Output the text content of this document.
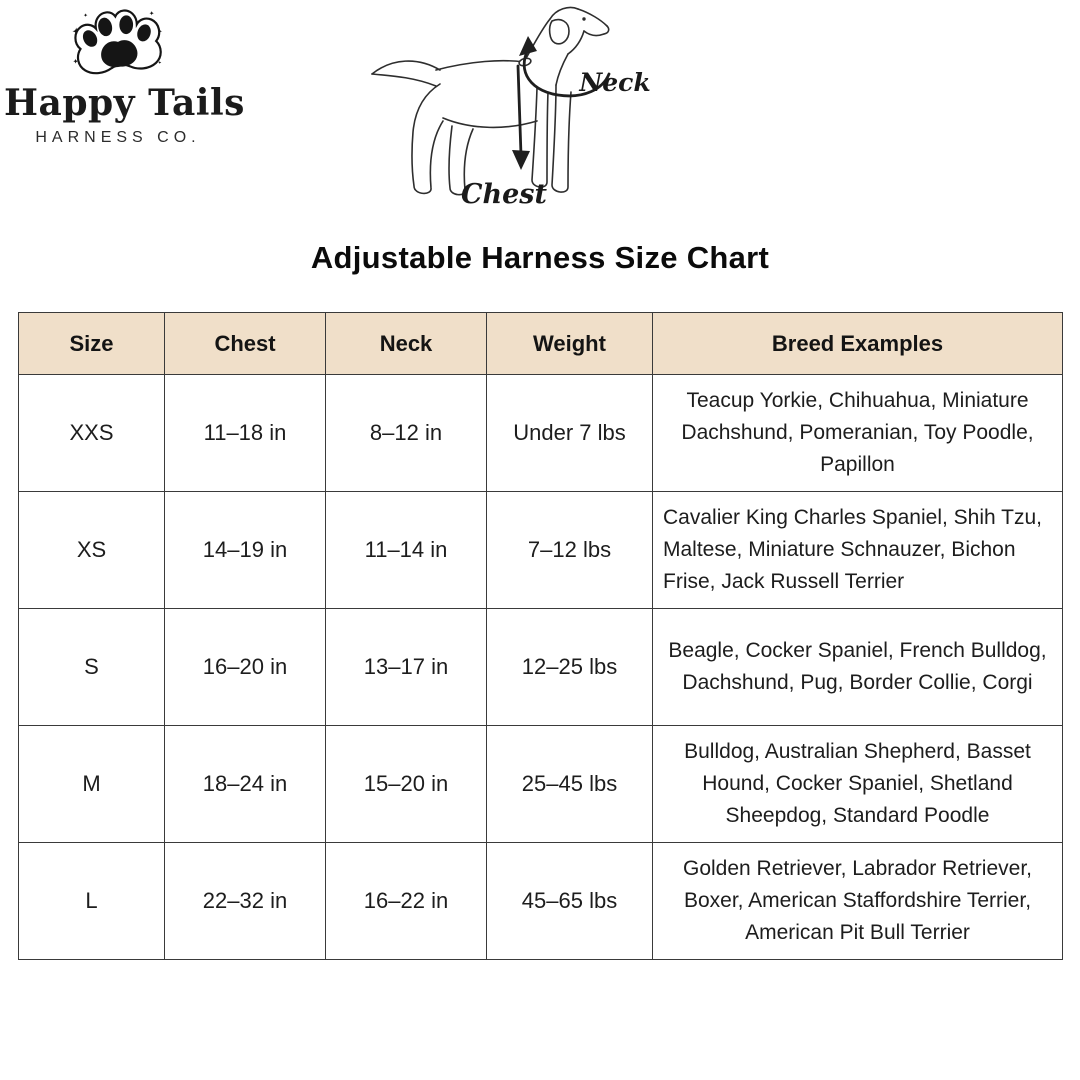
Happy Tails
HARNESS CO.
Neck
Chest
Adjustable Harness Size Chart
Size	Chest	Neck	Weight	Breed Examples
XXS	11–18 in	8–12 in	Under 7 lbs	Teacup Yorkie, Chihuahua, Miniature Dachshund, Pomeranian, Toy Poodle, Papillon
XS	14–19 in	11–14 in	7–12 lbs	Cavalier King Charles Spaniel, Shih Tzu, Maltese, Miniature Schnauzer, Bichon Frise, Jack Russell Terrier
S	16–20 in	13–17 in	12–25 lbs	Beagle, Cocker Spaniel, French Bulldog, Dachshund, Pug, Border Collie, Corgi
M	18–24 in	15–20 in	25–45 lbs	Bulldog, Australian Shepherd, Basset Hound, Cocker Spaniel, Shetland Sheepdog, Standard Poodle
L	22–32 in	16–22 in	45–65 lbs	Golden Retriever, Labrador Retriever, Boxer, American Staffordshire Terrier, American Pit Bull Terrier
